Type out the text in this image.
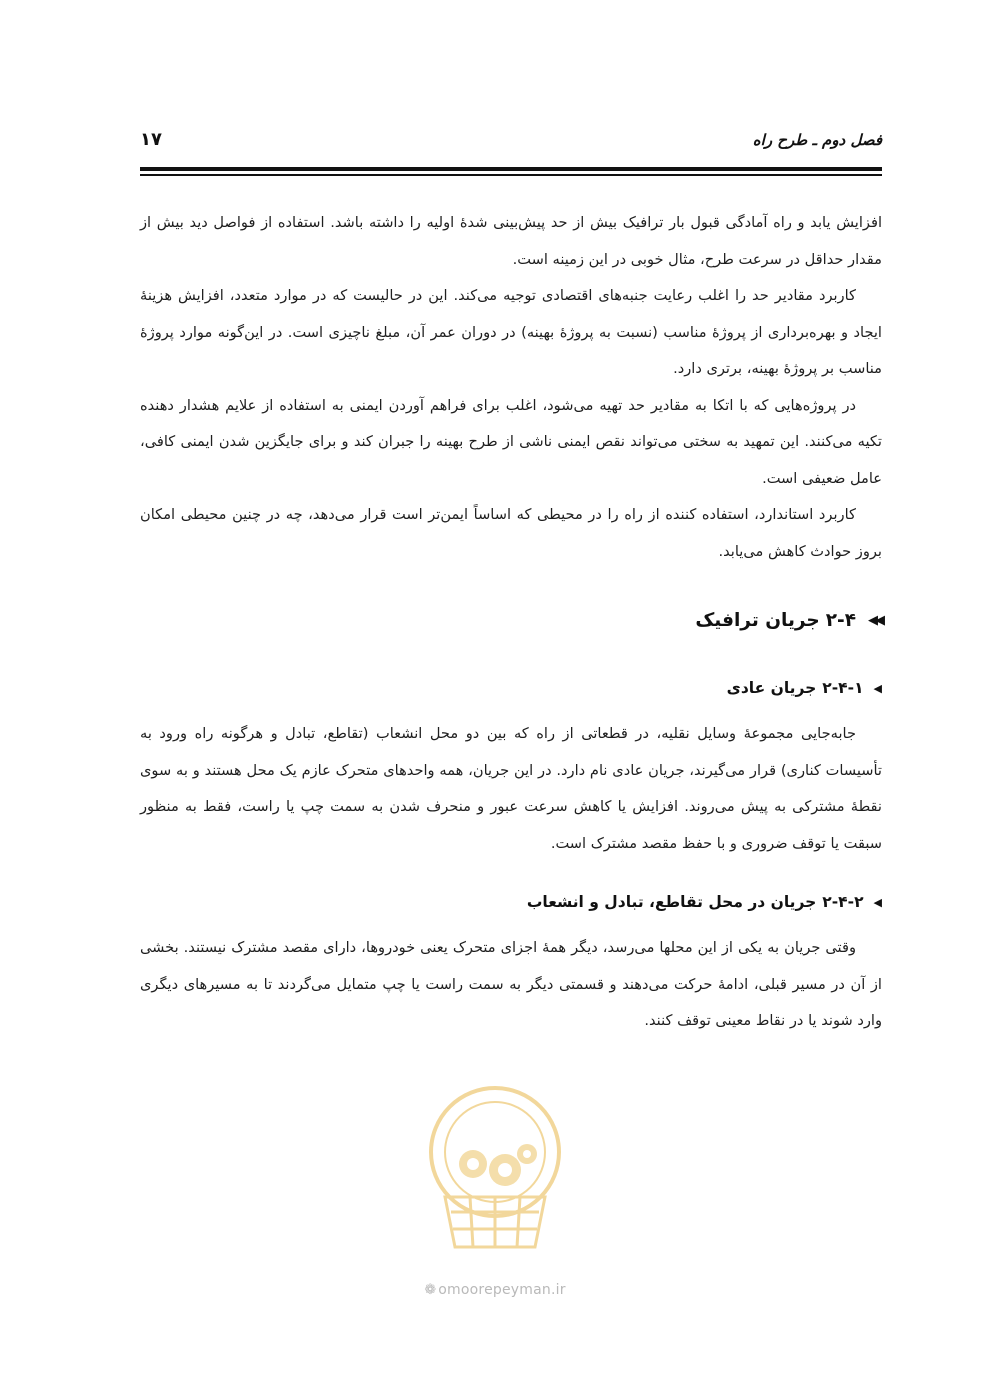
فصل دوم ـ طرح راه
۱۷

افزایش یابد و راه آمادگی قبول بار ترافیک بیش از حد پیش‌بینی شدهٔ اولیه را داشته باشد. استفاده از فواصل دید بیش از مقدار حداقل در سرعت طرح، مثال خوبی در این زمینه است.

کاربرد مقادیر حد را اغلب رعایت جنبه‌های اقتصادی توجیه می‌کند. این در حالیست که در موارد متعدد، افزایش هزینهٔ ایجاد و بهره‌برداری از پروژهٔ مناسب (نسبت به پروژهٔ بهینه) در دوران عمر آن، مبلغ ناچیزی است. در این‌گونه موارد پروژهٔ مناسب بر پروژهٔ بهینه، برتری دارد.

در پروژه‌هایی که با اتکا به مقادیر حد تهیه می‌شود، اغلب برای فراهم آوردن ایمنی به استفاده از علایم هشدار دهنده تکیه می‌کنند. این تمهید به سختی می‌تواند نقص ایمنی ناشی از طرح بهینه را جبران کند و برای جایگزین شدن ایمنی کافی، عامل ضعیفی است.

کاربرد استاندارد، استفاده کننده از راه را در محیطی که اساساً ایمن‌تر است قرار می‌دهد، چه در چنین محیطی امکان بروز حوادث کاهش می‌یابد.

◀◀
۲-۴
جریان ترافیک
◀
۲-۴-۱
جریان عادی

جابه‌جایی مجموعهٔ وسایل نقلیه، در قطعاتی از راه که بین دو محل انشعاب (تقاطع، تبادل و هرگونه راه ورود به تأسیسات کناری) قرار می‌گیرند، جریان عادی نام دارد. در این جریان، همه واحدهای متحرک عازم یک محل هستند و به سوی نقطهٔ مشترکی به پیش می‌روند. افزایش یا کاهش سرعت عبور و منحرف شدن به سمت چپ یا راست، فقط به منظور سبقت یا توقف ضروری و با حفظ مقصد مشترک است.

◀
۲-۴-۲
جریان در محل تقاطع، تبادل و انشعاب

وقتی جریان به یکی از این محلها می‌رسد، دیگر همهٔ اجزای متحرک یعنی خودروها، دارای مقصد مشترک نیستند. بخشی از آن در مسیر قبلی، ادامهٔ حرکت می‌دهند و قسمتی دیگر به سمت راست یا چپ متمایل می‌گردند تا به مسیرهای دیگری وارد شوند یا در نقاط معینی توقف کنند.

❁ omoorepeyman.ir
